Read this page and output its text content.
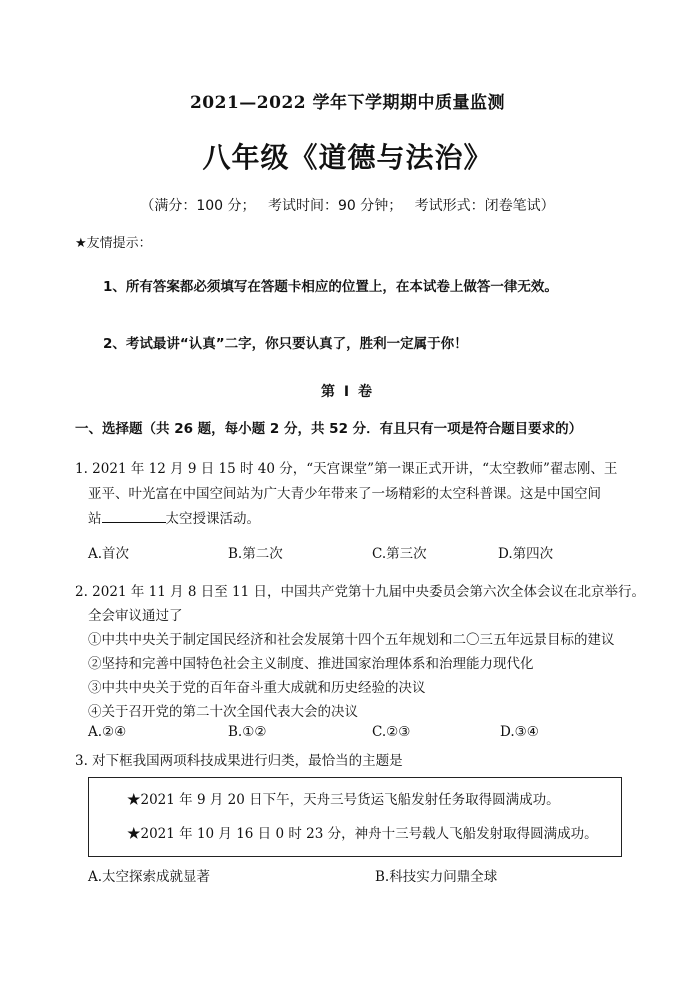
2021—2022 学年下学期期中质量监测
八年级《道德与法治》
（满分：100 分； 考试时间：90 分钟； 考试形式：闭卷笔试）
★友情提示：
1、所有答案都必须填写在答题卡相应的位置上，在本试卷上做答一律无效。
2、考试最讲“认真”二字，你只要认真了，胜利一定属于你！
第 Ⅰ 卷
一、选择题（共 26 题，每小题 2 分，共 52 分．有且只有一项是符合题目要求的）
1. 2021 年 12 月 9 日 15 时 40 分，“天宫课堂”第一课正式开讲，“太空教师”翟志刚、王
亚平、叶光富在中国空间站为广大青少年带来了一场精彩的太空科普课。这是中国空间
站	太空授课活动。
A.首次	B.第二次	C.第三次	D.第四次
2. 2021 年 11 月 8 日至 11 日，中国共产党第十九届中央委员会第六次全体会议在北京举行。
全会审议通过了
①中共中央关于制定国民经济和社会发展第十四个五年规划和二〇三五年远景目标的建议
②坚持和完善中国特色社会主义制度、推进国家治理体系和治理能力现代化
③中共中央关于党的百年奋斗重大成就和历史经验的决议
④关于召开党的第二十次全国代表大会的决议
A.②④	B.①②	C.②③	D.③④
3. 对下框我国两项科技成果进行归类，最恰当的主题是
★2021 年 9 月 20 日下午，天舟三号货运飞船发射任务取得圆满成功。
★2021 年 10 月 16 日 0 时 23 分，神舟十三号载人飞船发射取得圆满成功。
A.太空探索成就显著	B.科技实力问鼎全球
